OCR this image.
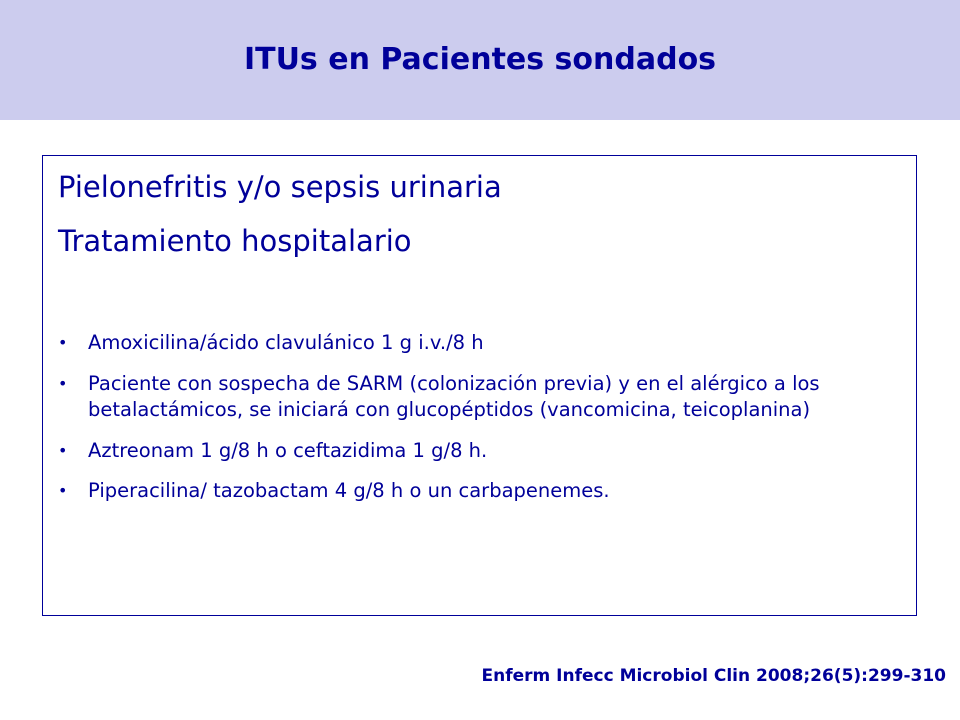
ITUs en Pacientes sondados
Pielonefritis y/o sepsis urinaria
Tratamiento hospitalario
• Amoxicilina/ácido clavulánico 1 g i.v./8 h
• Paciente con sospecha de SARM (colonización previa) y en el alérgico a los betalactámicos, se iniciará con glucopéptidos (vancomicina, teicoplanina)
• Aztreonam 1 g/8 h o ceftazidima 1 g/8 h.
• Piperacilina/ tazobactam 4 g/8 h o un carbapenemes.
Enferm Infecc Microbiol Clin 2008;26(5):299-310
